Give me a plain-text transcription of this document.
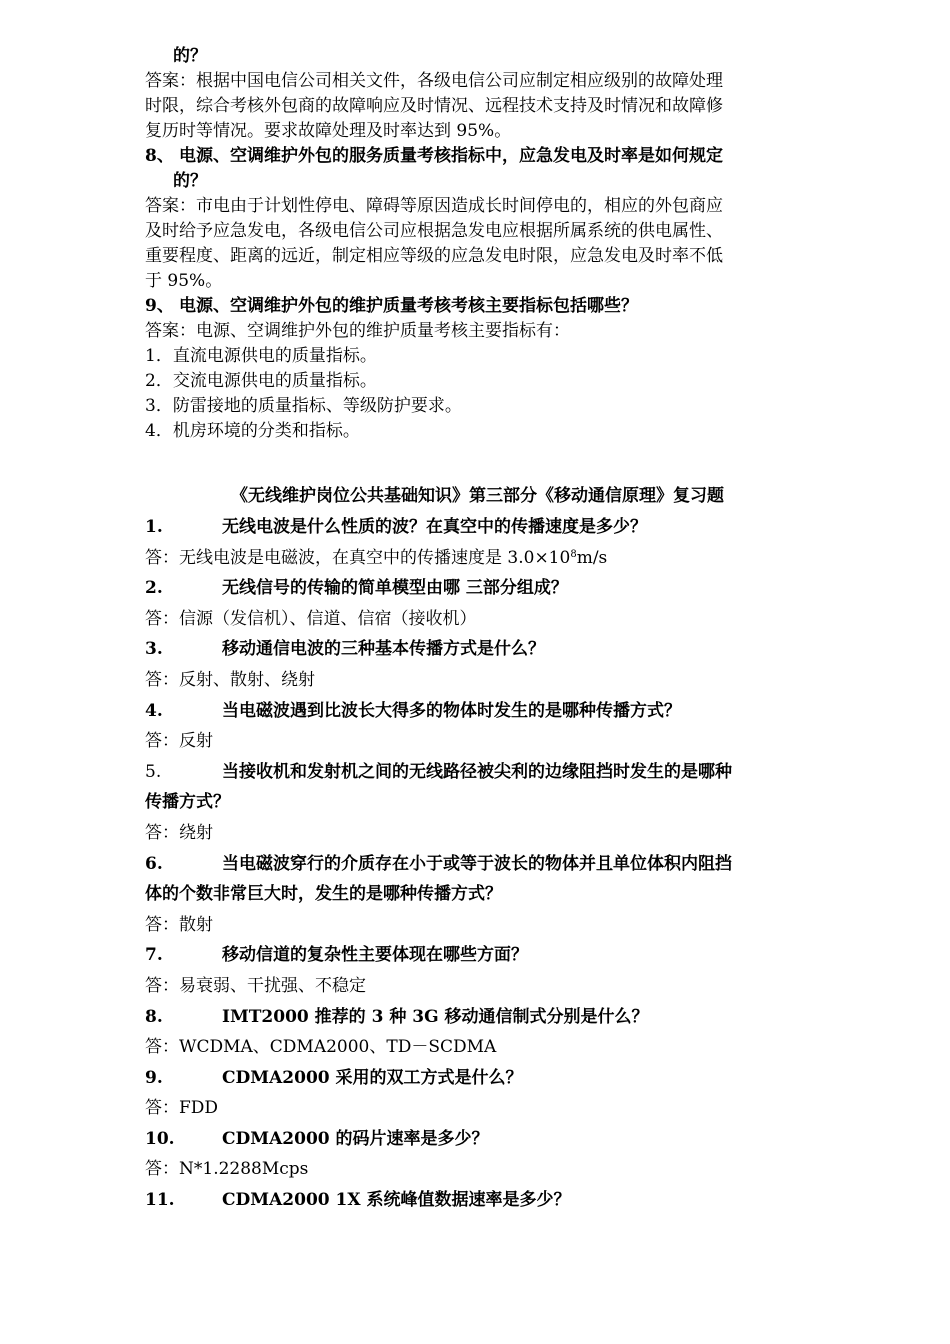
的？

答案：根据中国电信公司相关文件，各级电信公司应制定相应级别的故障处理

时限，综合考核外包商的故障响应及时情况、远程技术支持及时情况和故障修

复历时等情况。要求故障处理及时率达到 95%。

8、 电源、空调维护外包的服务质量考核指标中，应急发电及时率是如何规定

的？

答案：市电由于计划性停电、障碍等原因造成长时间停电的，相应的外包商应

及时给予应急发电，各级电信公司应根据急发电应根据所属系统的供电属性、

重要程度、距离的远近，制定相应等级的应急发电时限，应急发电及时率不低

于 95%。

9、 电源、空调维护外包的维护质量考核考核主要指标包括哪些？

答案：电源、空调维护外包的维护质量考核主要指标有：

1．直流电源供电的质量指标。

2．交流电源供电的质量指标。

3．防雷接地的质量指标、等级防护要求。

4．机房环境的分类和指标。

《无线维护岗位公共基础知识》第三部分《移动通信原理》复习题

1.	无线电波是什么性质的波？在真空中的传播速度是多少？

答：无线电波是电磁波，在真空中的传播速度是 $3.0\times 10^8m/s$

2.	无线信号的传输的简单模型由哪 三部分组成？

答：信源（发信机）、信道、信宿（接收机）

3.	移动通信电波的三种基本传播方式是什么？

答：反射、散射、绕射

4.	当电磁波遇到比波长大得多的物体时发生的是哪种传播方式？

答：反射

5.	当接收机和发射机之间的无线路径被尖利的边缘阻挡时发生的是哪种

传播方式？

答：绕射

6.	当电磁波穿行的介质存在小于或等于波长的物体并且单位体积内阻挡

体的个数非常巨大时，发生的是哪种传播方式？

答：散射

7.	移动信道的复杂性主要体现在哪些方面？

答：易衰弱、干扰强、不稳定

8.	IMT2000 推荐的 3 种 3G 移动通信制式分别是什么？

答：WCDMA、CDMA2000、TD－SCDMA

9.	CDMA2000 采用的双工方式是什么？

答：FDD

10.	CDMA2000 的码片速率是多少？

答：N*1.2288Mcps

11.	CDMA2000 1X 系统峰值数据速率是多少？
